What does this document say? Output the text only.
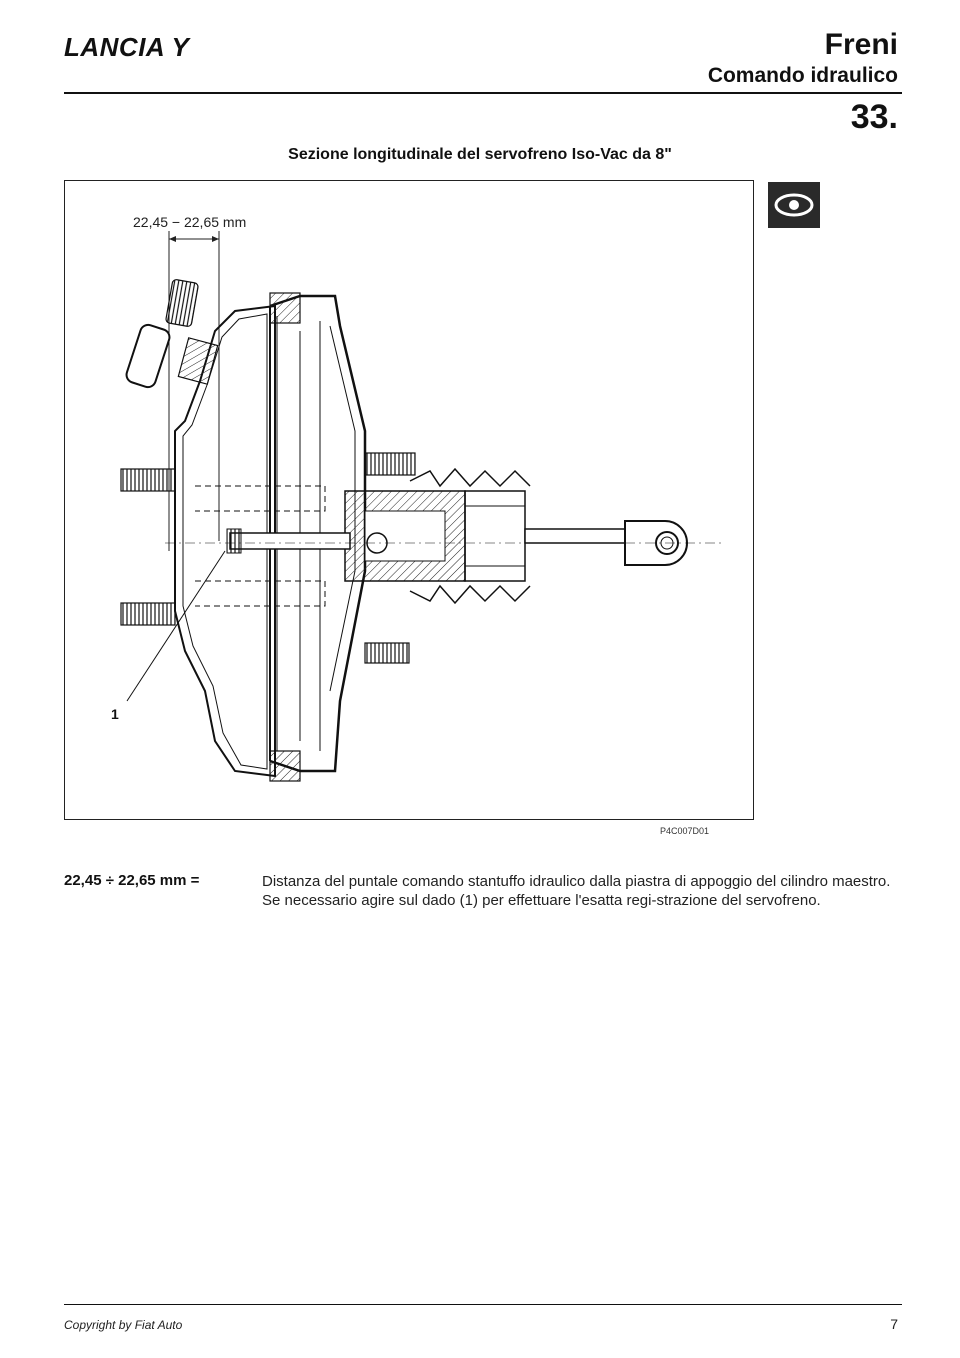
LANCIA Y	Freni
Comando idraulico
33.
Sezione longitudinale del servofreno Iso-Vac da 8"
22,45 − 22,65 mm
1
P4C007D01
22,45 ÷ 22,65 mm =	Distanza del puntale comando stantuffo idraulico dalla piastra di appoggio del cilindro maestro. Se necessario agire sul dado (1) per effettuare l'esatta regi-strazione del servofreno.
Copyright by Fiat Auto	7
